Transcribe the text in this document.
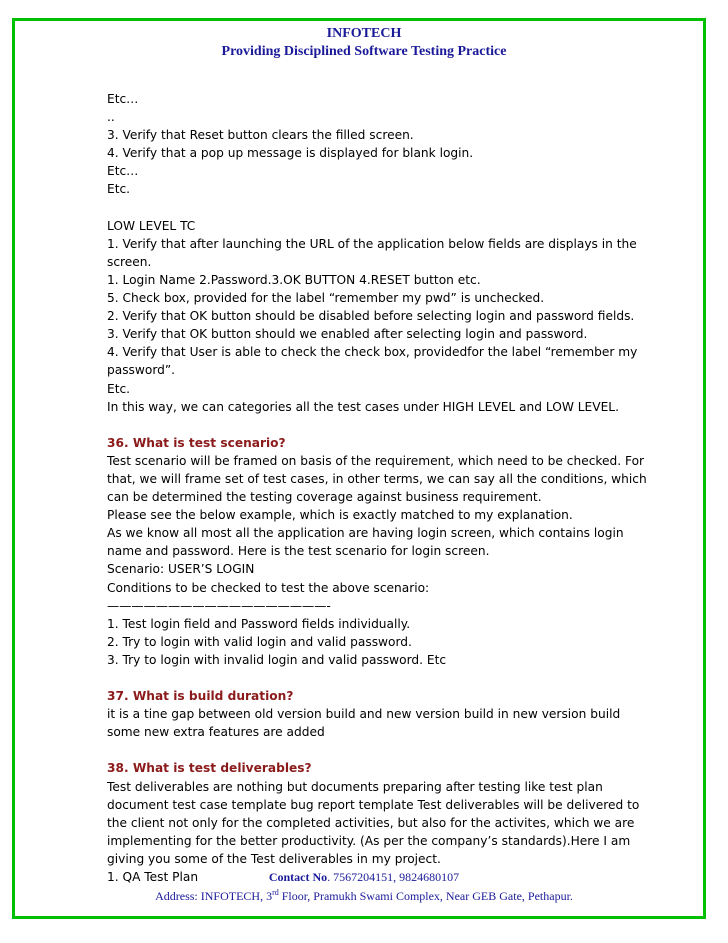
INFOTECH
Providing Disciplined Software Testing Practice
Etc…
..
3. Verify that Reset button clears the filled screen.
4. Verify that a pop up message is displayed for blank login.
Etc…
Etc.
LOW LEVEL TC
1. Verify that after launching the URL of the application below fields are displays in the
screen.
1. Login Name 2.Password.3.OK BUTTON 4.RESET button etc.
5. Check box, provided for the label “remember my pwd” is unchecked.
2. Verify that OK button should be disabled before selecting login and password fields.
3. Verify that OK button should we enabled after selecting login and password.
4. Verify that User is able to check the check box, providedfor the label “remember my
password”.
Etc.
In this way, we can categories all the test cases under HIGH LEVEL and LOW LEVEL.
36. What is test scenario?
Test scenario will be framed on basis of the requirement, which need to be checked. For
that, we will frame set of test cases, in other terms, we can say all the conditions, which
can be determined the testing coverage against business requirement.
Please see the below example, which is exactly matched to my explanation.
As we know all most all the application are having login screen, which contains login
name and password. Here is the test scenario for login screen.
Scenario: USER’S LOGIN
Conditions to be checked to test the above scenario:
——————————————————-
1. Test login field and Password fields individually.
2. Try to login with valid login and valid password.
3. Try to login with invalid login and valid password. Etc
37. What is build duration?
it is a tine gap between old version build and new version build in new version build
some new extra features are added
38. What is test deliverables?
Test deliverables are nothing but documents preparing after testing like test plan
document test case template bug report template Test deliverables will be delivered to
the client not only for the completed activities, but also for the activites, which we are
implementing for the better productivity. (As per the company’s standards).Here I am
giving you some of the Test deliverables in my project.
1. QA Test Plan	Contact No. 7567204151, 9824680107
Address: INFOTECH, 3rd Floor, Pramukh Swami Complex, Near GEB Gate, Pethapur.
